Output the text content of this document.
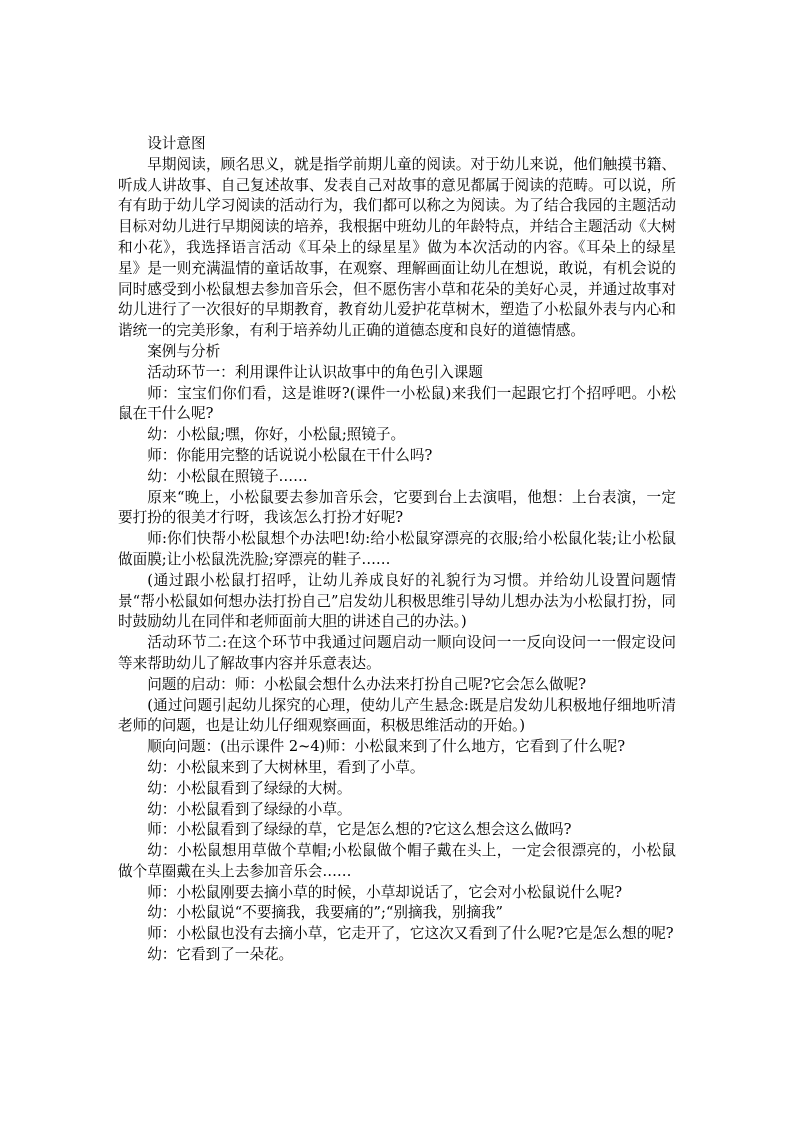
设计意图

早期阅读，顾名思义，就是指学前期儿童的阅读。对于幼儿来说，他们触摸书籍、听成人讲故事、自己复述故事、发表自己对故事的意见都属于阅读的范畴。可以说，所有有助于幼儿学习阅读的活动行为，我们都可以称之为阅读。为了结合我园的主题活动目标对幼儿进行早期阅读的培养，我根据中班幼儿的年龄特点，并结合主题活动《大树和小花》，我选择语言活动《耳朵上的绿星星》做为本次活动的内容。《耳朵上的绿星星》是一则充满温情的童话故事，在观察、理解画面让幼儿在想说，敢说，有机会说的同时感受到小松鼠想去参加音乐会，但不愿伤害小草和花朵的美好心灵，并通过故事对幼儿进行了一次很好的早期教育，教育幼儿爱护花草树木，塑造了小松鼠外表与内心和谐统一的完美形象，有利于培养幼儿正确的道德态度和良好的道德情感。

案例与分析

活动环节一：利用课件让认识故事中的角色引入课题

师：宝宝们你们看，这是谁呀?(课件一小松鼠)来我们一起跟它打个招呼吧。小松鼠在干什么呢?

幼：小松鼠;嘿，你好，小松鼠;照镜子。

师：你能用完整的话说说小松鼠在干什么吗?

幼：小松鼠在照镜子……

原来“晚上，小松鼠要去参加音乐会，它要到台上去演唱，他想：上台表演，一定要打扮的很美才行呀，我该怎么打扮才好呢?

师:你们快帮小松鼠想个办法吧!幼:给小松鼠穿漂亮的衣服;给小松鼠化装;让小松鼠做面膜;让小松鼠洗洗脸;穿漂亮的鞋子……

(通过跟小松鼠打招呼，让幼儿养成良好的礼貌行为习惯。并给幼儿设置问题情景“帮小松鼠如何想办法打扮自己”启发幼儿积极思维引导幼儿想办法为小松鼠打扮，同时鼓励幼儿在同伴和老师面前大胆的讲述自己的办法。)

活动环节二:在这个环节中我通过问题启动一顺向设问一一反向设问一一假定设问等来帮助幼儿了解故事内容并乐意表达。

问题的启动：师：小松鼠会想什么办法来打扮自己呢?它会怎么做呢?

(通过问题引起幼儿探究的心理，使幼儿产生悬念:既是启发幼儿积极地仔细地听清老师的问题，也是让幼儿仔细观察画面，积极思维活动的开始。)

顺向问题：(出示课件 2~4)师：小松鼠来到了什么地方，它看到了什么呢?

幼：小松鼠来到了大树林里，看到了小草。

幼：小松鼠看到了绿绿的大树。

幼：小松鼠看到了绿绿的小草。

师：小松鼠看到了绿绿的草，它是怎么想的?它这么想会这么做吗?

幼：小松鼠想用草做个草帽;小松鼠做个帽子戴在头上，一定会很漂亮的，小松鼠做个草圈戴在头上去参加音乐会……

师：小松鼠刚要去摘小草的时候，小草却说话了，它会对小松鼠说什么呢?

幼：小松鼠说“不要摘我，我要痛的”;“别摘我，别摘我”

师：小松鼠也没有去摘小草，它走开了，它这次又看到了什么呢?它是怎么想的呢?

幼：它看到了一朵花。
